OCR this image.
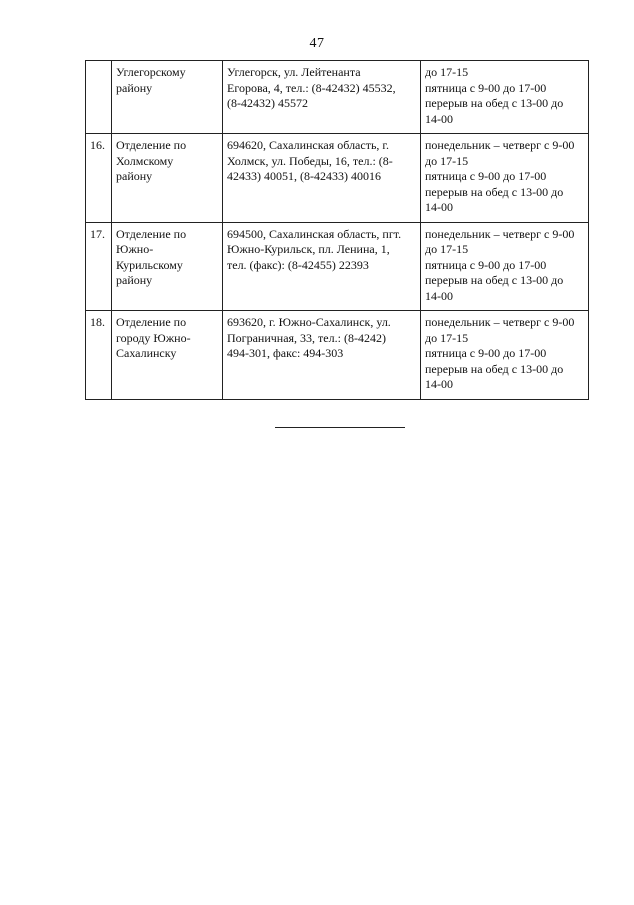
47

	Углегорскому
району	Углегорск, ул. Лейтенанта
Егорова, 4, тел.: (8-42432) 45532,
(8-42432) 45572	до 17-15
пятница с 9-00 до 17-00
перерыв на обед с 13-00 до
14-00

16.	Отделение по
Холмскому
району	694620, Сахалинская область, г.
Холмск, ул. Победы, 16, тел.: (8-
42433) 40051, (8-42433) 40016	понедельник – четверг с 9-00
до 17-15
пятница с 9-00 до 17-00
перерыв на обед с 13-00 до
14-00

17.	Отделение по
Южно-
Курильскому
району	694500, Сахалинская область, пгт.
Южно-Курильск, пл. Ленина, 1,
тел. (факс): (8-42455) 22393	понедельник – четверг с 9-00
до 17-15
пятница с 9-00 до 17-00
перерыв на обед с 13-00 до
14-00

18.	Отделение по
городу Южно-
Сахалинску	693620, г. Южно-Сахалинск, ул.
Пограничная, 33, тел.: (8-4242)
494-301, факс: 494-303	понедельник – четверг с 9-00
до 17-15
пятница с 9-00 до 17-00
перерыв на обед с 13-00 до
14-00
